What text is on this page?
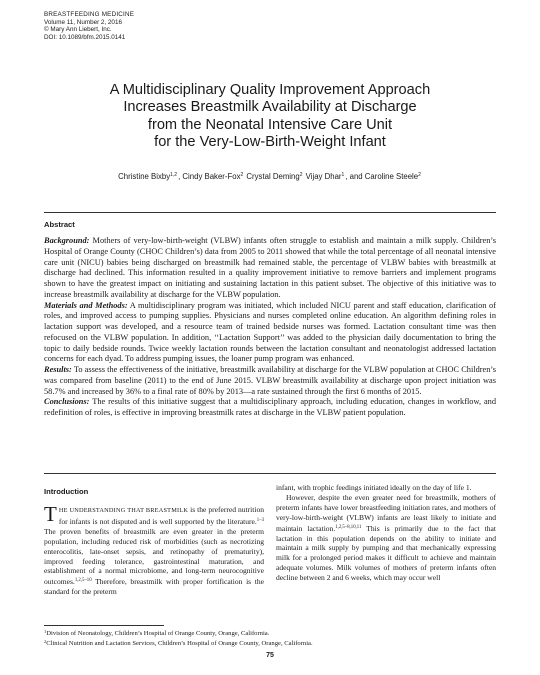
BREASTFEEDING MEDICINE
Volume 11, Number 2, 2016
© Mary Ann Liebert, Inc.
DOI: 10.1089/bfm.2015.0141
A Multidisciplinary Quality Improvement Approach
Increases Breastmilk Availability at Discharge
from the Neonatal Intensive Care Unit
for the Very-Low-Birth-Weight Infant
Christine Bixby$^{1,2}$, Cindy Baker-Fox$^2$ Crystal Deming$^2$ Vijay Dhar$^1$, and Caroline Steele$^2$
Abstract

Background: Mothers of very-low-birth-weight (VLBW) infants often struggle to establish and maintain a milk supply. Children’s Hospital of Orange County (CHOC Children’s) data from 2005 to 2011 showed that while the total percentage of all neonatal intensive care unit (NICU) babies being discharged on breastmilk had remained stable, the percentage of VLBW babies with breastmilk at discharge had declined. This information resulted in a quality improvement initiative to remove barriers and implement programs shown to have the greatest impact on initiating and sustaining lactation in this patient subset. The objective of this initiative was to increase breastmilk availability at discharge for the VLBW population.

Materials and Methods: A multidisciplinary program was initiated, which included NICU parent and staff education, clarification of roles, and improved access to pumping supplies. Physicians and nurses completed online education. An algorithm defining roles in lactation support was developed, and a resource team of trained bedside nurses was formed. Lactation consultant time was then refocused on the VLBW population. In addition, ‘‘Lactation Support’’ was added to the physician daily documentation to bring the topic to daily bedside rounds. Twice weekly lactation rounds between the lactation consultant and neonatologist addressed lactation concerns for each dyad. To address pumping issues, the loaner pump program was enhanced.

Results: To assess the effectiveness of the initiative, breastmilk availability at discharge for the VLBW population at CHOC Children’s was compared from baseline (2011) to the end of June 2015. VLBW breastmilk availability at discharge upon project initiation was 58.7% and increased by 36% to a final rate of 80% by 2013—a rate sustained through the first 6 months of 2015.

Conclusions: The results of this initiative suggest that a multidisciplinary approach, including education, changes in workflow, and redefinition of roles, is effective in improving breastmilk rates at discharge in the VLBW patient population.

Introduction

THE UNDERSTANDING THAT BREASTMILK is the preferred nutrition for infants is not disputed and is well supported by the literature.$^{1-3}$ The proven benefits of breastmilk are even greater in the preterm population, including reduced risk of morbidities (such as necrotizing enterocolitis, late-onset sepsis, and retinopathy of prematurity), improved feeding tolerance, gastrointestinal maturation, and establishment of a normal microbiome, and long-term neurocognitive outcomes.$^{1,2,5-10}$ Therefore, breastmilk with proper fortification is the standard for the preterm

infant, with trophic feedings initiated ideally on the day of life 1.

However, despite the even greater need for breastmilk, mothers of preterm infants have lower breastfeeding initiation rates, and mothers of very-low-birth-weight (VLBW) infants are least likely to initiate and maintain lactation.$^{1,2,5-8,10,11}$ This is primarily due to the fact that lactation in this population depends on the ability to initiate and maintain a milk supply by pumping and that mechanically expressing milk for a prolonged period makes it difficult to achieve and maintain adequate volumes. Milk volumes of mothers of preterm infants often decline between 2 and 6 weeks, which may occur well

$^1$Division of Neonatology, Children’s Hospital of Orange County, Orange, California.
$^2$Clinical Nutrition and Lactation Services, Children’s Hospital of Orange County, Orange, California.
75
